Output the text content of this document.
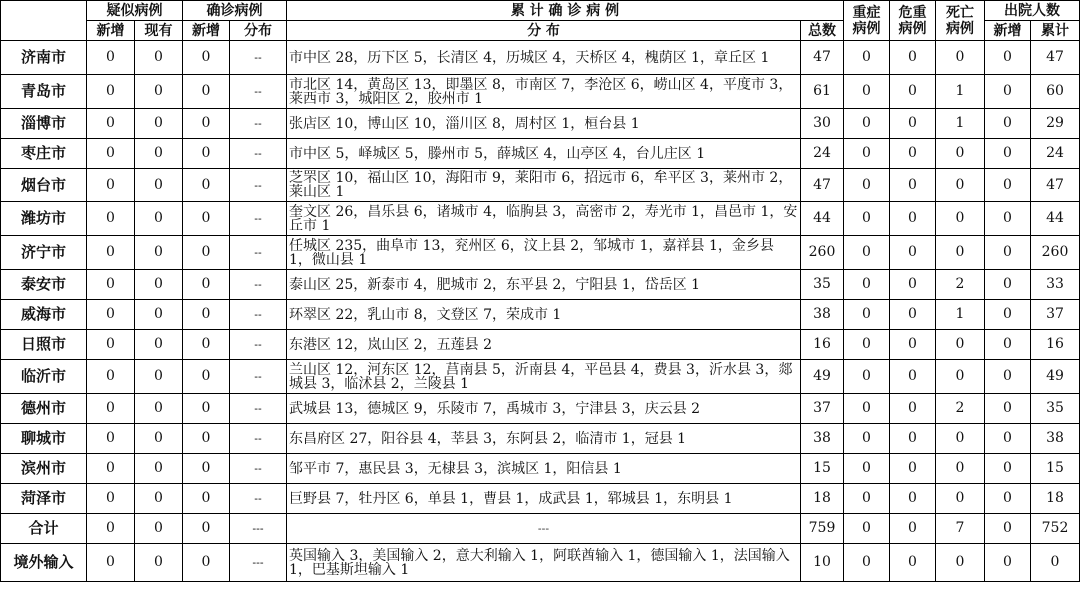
	疑似病例		确诊病例		累 计 确 诊 病 例		重症病例	危重病例	死亡病例	出院人数	
	新增	现有	新增	分布	分 布	总数				新增	累计
济南市	0	0	0	--	市中区 28，历下区 5，长清区 4，历城区 4，天桥区 4，槐荫区 1，章丘区 1	47	0	0	0	0	47
青岛市	0	0	0	--	市北区 14，黄岛区 13，即墨区 8，市南区 7，李沧区 6，崂山区 4，平度市 3，莱西市 3，城阳区 2，胶州市 1	61	0	0	1	0	60
淄博市	0	0	0	--	张店区 10，博山区 10，淄川区 8，周村区 1，桓台县 1	30	0	0	1	0	29
枣庄市	0	0	0	--	市中区 5，峄城区 5，滕州市 5，薛城区 4，山亭区 4，台儿庄区 1	24	0	0	0	0	24
烟台市	0	0	0	--	芝罘区 10，福山区 10，海阳市 9，莱阳市 6，招远市 6，牟平区 3，莱州市 2，莱山区 1	47	0	0	0	0	47
潍坊市	0	0	0	--	奎文区 26，昌乐县 6，诸城市 4，临朐县 3，高密市 2，寿光市 1，昌邑市 1，安丘市 1	44	0	0	0	0	44
济宁市	0	0	0	--	任城区 235，曲阜市 13，兖州区 6，汶上县 2，邹城市 1，嘉祥县 1，金乡县 1，微山县 1	260	0	0	0	0	260
泰安市	0	0	0	--	泰山区 25，新泰市 4，肥城市 2，东平县 2，宁阳县 1，岱岳区 1	35	0	0	2	0	33
威海市	0	0	0	--	环翠区 22，乳山市 8，文登区 7，荣成市 1	38	0	0	1	0	37
日照市	0	0	0	--	东港区 12，岚山区 2，五莲县 2	16	0	0	0	0	16
临沂市	0	0	0	--	兰山区 12，河东区 12，莒南县 5，沂南县 4，平邑县 4，费县 3，沂水县 3，郯城县 3，临沭县 2，兰陵县 1	49	0	0	0	0	49
德州市	0	0	0	--	武城县 13，德城区 9，乐陵市 7，禹城市 3，宁津县 3，庆云县 2	37	0	0	2	0	35
聊城市	0	0	0	--	东昌府区 27，阳谷县 4，莘县 3，东阿县 2，临清市 1，冠县 1	38	0	0	0	0	38
滨州市	0	0	0	--	邹平市 7，惠民县 3，无棣县 3，滨城区 1，阳信县 1	15	0	0	0	0	15
菏泽市	0	0	0	--	巨野县 7，牡丹区 6，单县 1，曹县 1，成武县 1，郓城县 1，东明县 1	18	0	0	0	0	18
合计	0	0	0	---	---	759	0	0	7	0	752
境外输入	0	0	0	---	英国输入 3，美国输入 2，意大利输入 1，阿联酋输入 1，德国输入 1，法国输入 1，巴基斯坦输入 1	10	0	0	0	0	0
